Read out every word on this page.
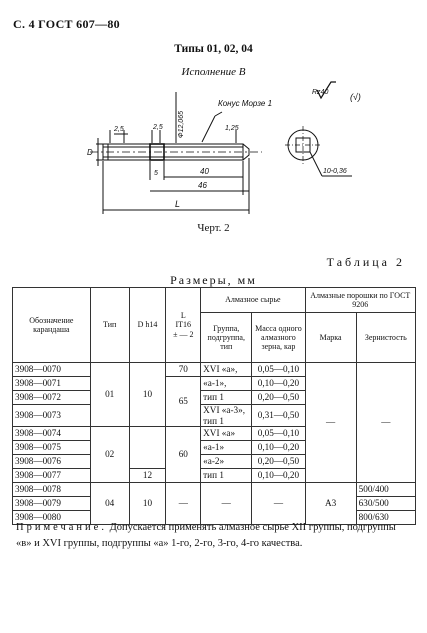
С. 4 ГОСТ 607—80
Типы 01, 02, 04
Исполнение В
(√)
Rz40
D
2,5	2,5 Ф12,065
Конус Морзе 1
1,25
5	40
46
L
10-0,36
Черт. 2
Таблица 2
Размеры, мм
Обозначение карандаша	Тип	D h14	L
IT16
± — 2	Алмазное сырье		Алмазные порошки по ГОСТ 9206	
				Группа, подгруппа, тип	Масса одного алмазного зерна, кар	Марка	Зернистость
3908—0070	01	10	70	XVI «а»,	0,05—0,10	—	—
3908—0071			65	«а-1»,	0,10—0,20		
3908—0072				тип 1	0,20—0,50		
3908—0073				XVI «а-3»,
тип 1	0,31—0,50		
3908—0074	02		60	XVI «а»	0,05—0,10		
3908—0075				«а-1»	0,10—0,20		
3908—0076				«а-2»	0,20—0,50		
3908—0077		12		тип 1	0,10—0,20		
3908—0078	04	10	—	—	—	А3	500/400
3908—0079							630/500
3908—0080							800/630
Примечание. Допускается применять алмазное сырье XII группы, подгруппы «в» и XVI группы, подгруппы «а» 1-го, 2-го, 3-го, 4-го качества.
